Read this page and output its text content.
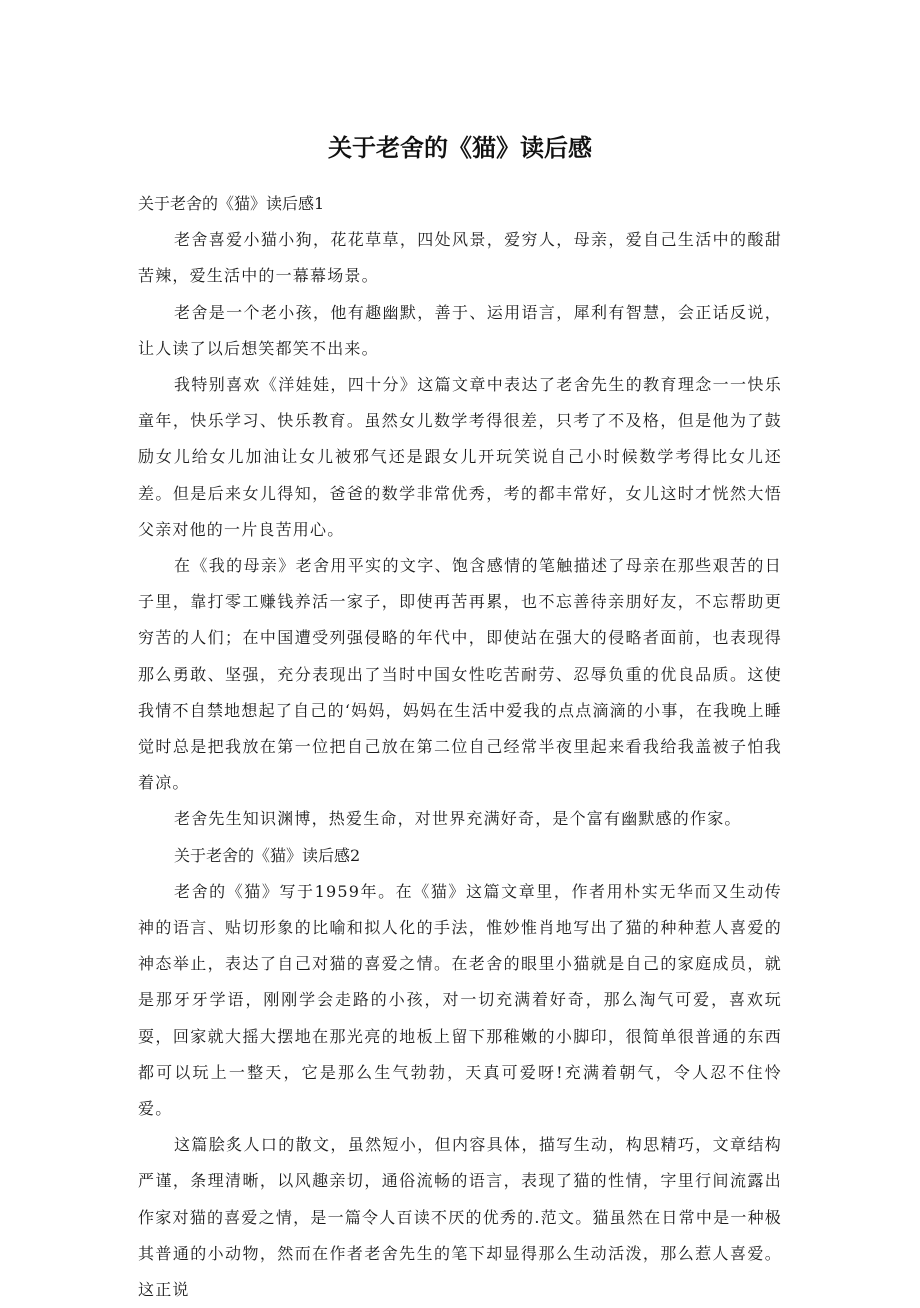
关于老舍的《猫》读后感

关于老舍的《猫》读后感1

老舍喜爱小猫小狗，花花草草，四处风景，爱穷人，母亲，爱自己生活中的酸甜苦辣，爱生活中的一幕幕场景。

老舍是一个老小孩，他有趣幽默，善于、运用语言，犀利有智慧，会正话反说，让人读了以后想笑都笑不出来。

我特别喜欢《洋娃娃，四十分》这篇文章中表达了老舍先生的教育理念一一快乐童年，快乐学习、快乐教育。虽然女儿数学考得很差，只考了不及格，但是他为了鼓励女儿给女儿加油让女儿被邪气还是跟女儿开玩笑说自己小时候数学考得比女儿还差。但是后来女儿得知，爸爸的数学非常优秀，考的都丰常好，女儿这时才恍然大悟父亲对他的一片良苦用心。

在《我的母亲》老舍用平实的文字、饱含感情的笔触描述了母亲在那些艰苦的日子里，靠打零工赚钱养活一家子，即使再苦再累，也不忘善待亲朋好友，不忘帮助更穷苦的人们；在中国遭受列强侵略的年代中，即使站在强大的侵略者面前，也表现得那么勇敢、坚强，充分表现出了当时中国女性吃苦耐劳、忍辱负重的优良品质。这使我情不自禁地想起了自己的‘妈妈，妈妈在生活中爱我的点点滴滴的小事，在我晚上睡觉时总是把我放在第一位把自己放在第二位自己经常半夜里起来看我给我盖被子怕我着凉。

老舍先生知识渊博，热爱生命，对世界充满好奇，是个富有幽默感的作家。

关于老舍的《猫》读后感2

老舍的《猫》写于1959年。在《猫》这篇文章里，作者用朴实无华而又生动传神的语言、贴切形象的比喻和拟人化的手法，惟妙惟肖地写出了猫的种种惹人喜爱的神态举止，表达了自己对猫的喜爱之情。在老舍的眼里小猫就是自己的家庭成员，就是那牙牙学语，刚刚学会走路的小孩，对一切充满着好奇，那么淘气可爱，喜欢玩耍，回家就大摇大摆地在那光亮的地板上留下那稚嫩的小脚印，很简单很普通的东西都可以玩上一整天，它是那么生气勃勃，天真可爱呀!充满着朝气，令人忍不住怜爱。

这篇脍炙人口的散文，虽然短小，但内容具体，描写生动，构思精巧，文章结构严谨，条理清晰，以风趣亲切，通俗流畅的语言，表现了猫的性情，字里行间流露出作家对猫的喜爱之情，是一篇令人百读不厌的优秀的.范文。猫虽然在日常中是一种极其普通的小动物，然而在作者老舍先生的笔下却显得那么生动活泼，那么惹人喜爱。这正说
